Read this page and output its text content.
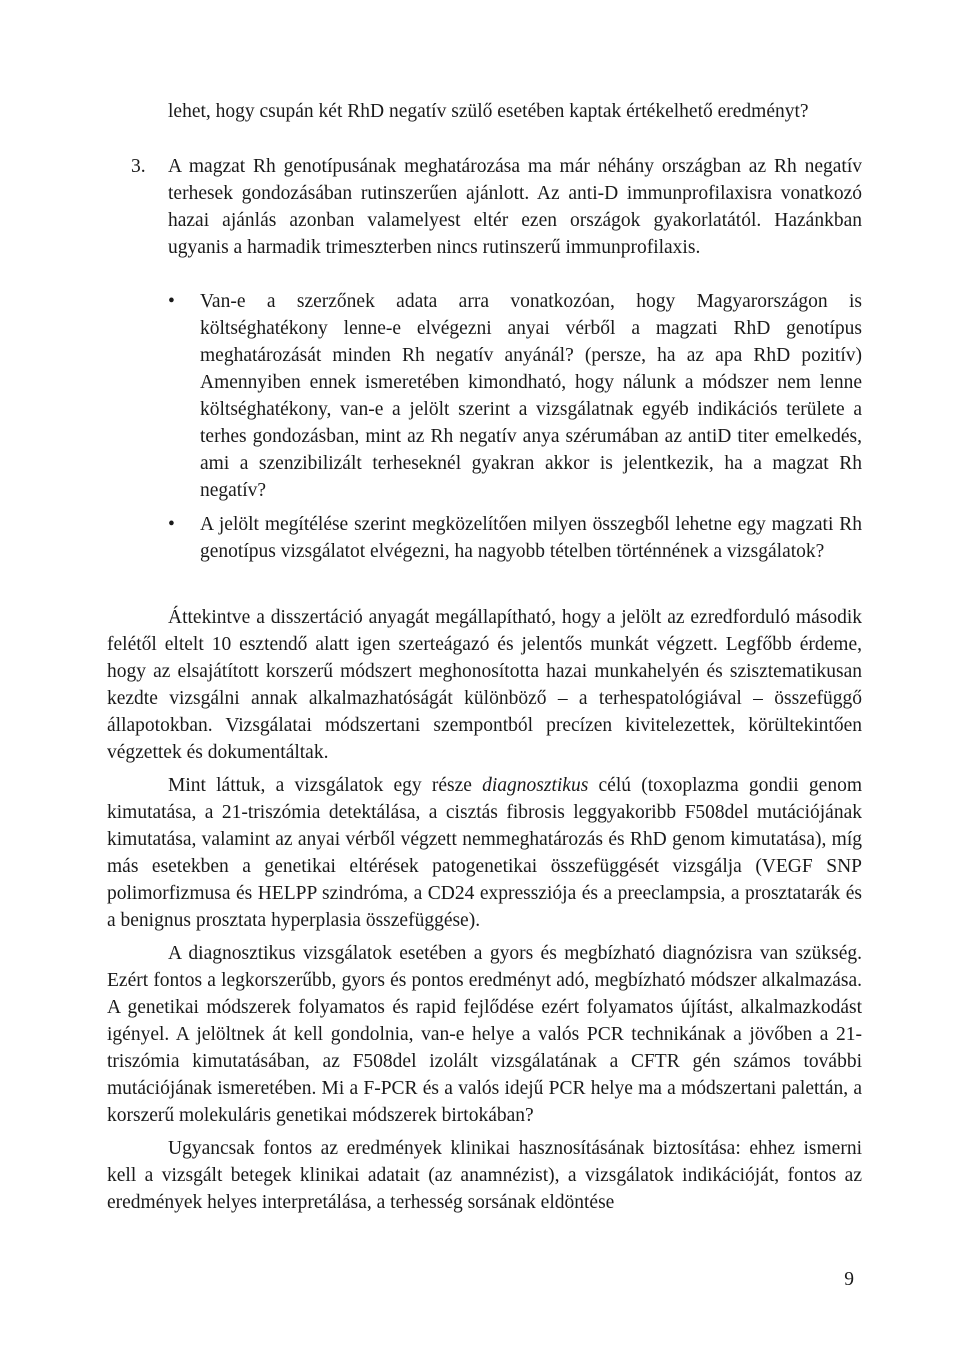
lehet, hogy csupán két RhD negatív szülő esetében kaptak értékelhető eredményt?

3. A magzat Rh genotípusának meghatározása ma már néhány országban az Rh negatív terhesek gondozásában rutinszerűen ajánlott. Az anti-D immunprofilaxisra vonatkozó hazai ajánlás azonban valamelyest eltér ezen országok gyakorlatától. Hazánkban ugyanis a harmadik trimeszterben nincs rutinszerű immunprofilaxis.

•	Van-e a szerzőnek adata arra vonatkozóan, hogy Magyarországon is költséghatékony lenne-e elvégezni anyai vérből a magzati RhD genotípus meghatározását minden Rh negatív anyánál? (persze, ha az apa RhD pozitív) Amennyiben ennek ismeretében kimondható, hogy nálunk a módszer nem lenne költséghatékony, van-e a jelölt szerint a vizsgálatnak egyéb indikációs területe a terhes gondozásban, mint az Rh negatív anya szérumában az antiD titer emelkedés, ami a szenzibilizált terheseknél gyakran akkor is jelentkezik, ha a magzat Rh negatív?

•	A jelölt megítélése szerint megközelítően milyen összegből lehetne egy magzati Rh genotípus vizsgálatot elvégezni, ha nagyobb tételben történnének a vizsgálatok?

Áttekintve a disszertáció anyagát megállapítható, hogy a jelölt az ezredforduló második felétől eltelt 10 esztendő alatt igen szerteágazó és jelentős munkát végzett. Legfőbb érdeme, hogy az elsajátított korszerű módszert meghonosította hazai munkahelyén és szisztematikusan kezdte vizsgálni annak alkalmazhatóságát különböző – a terhespatológiával – összefüggő állapotokban. Vizsgálatai módszertani szempontból precízen kivitelezettek, körültekintően végzettek és dokumentáltak.

Mint láttuk, a vizsgálatok egy része diagnosztikus célú (toxoplazma gondii genom kimutatása, a 21-triszómia detektálása, a cisztás fibrosis leggyakoribb F508del mutációjának kimutatása, valamint az anyai vérből végzett nemmeghatározás és RhD genom kimutatása), míg más esetekben a genetikai eltérések patogenetikai összefüggését vizsgálja (VEGF SNP polimorfizmusa és HELPP szindróma, a CD24 expressziója és a preeclampsia, a prosztatarák és a benignus prosztata hyperplasia összefüggése).

A diagnosztikus vizsgálatok esetében a gyors és megbízható diagnózisra van szükség. Ezért fontos a legkorszerűbb, gyors és pontos eredményt adó, megbízható módszer alkalmazása. A genetikai módszerek folyamatos és rapid fejlődése ezért folyamatos újítást, alkalmazkodást igényel. A jelöltnek át kell gondolnia, van-e helye a valós PCR technikának a jövőben a 21-triszómia kimutatásában, az F508del izolált vizsgálatának a CFTR gén számos további mutációjának ismeretében. Mi a F-PCR és a valós idejű PCR helye ma a módszertani palettán, a korszerű molekuláris genetikai módszerek birtokában?

Ugyancsak fontos az eredmények klinikai hasznosításának biztosítása: ehhez ismerni kell a vizsgált betegek klinikai adatait (az anamnézist), a vizsgálatok indikációját, fontos az eredmények helyes interpretálása, a terhesség sorsának eldöntése

9
